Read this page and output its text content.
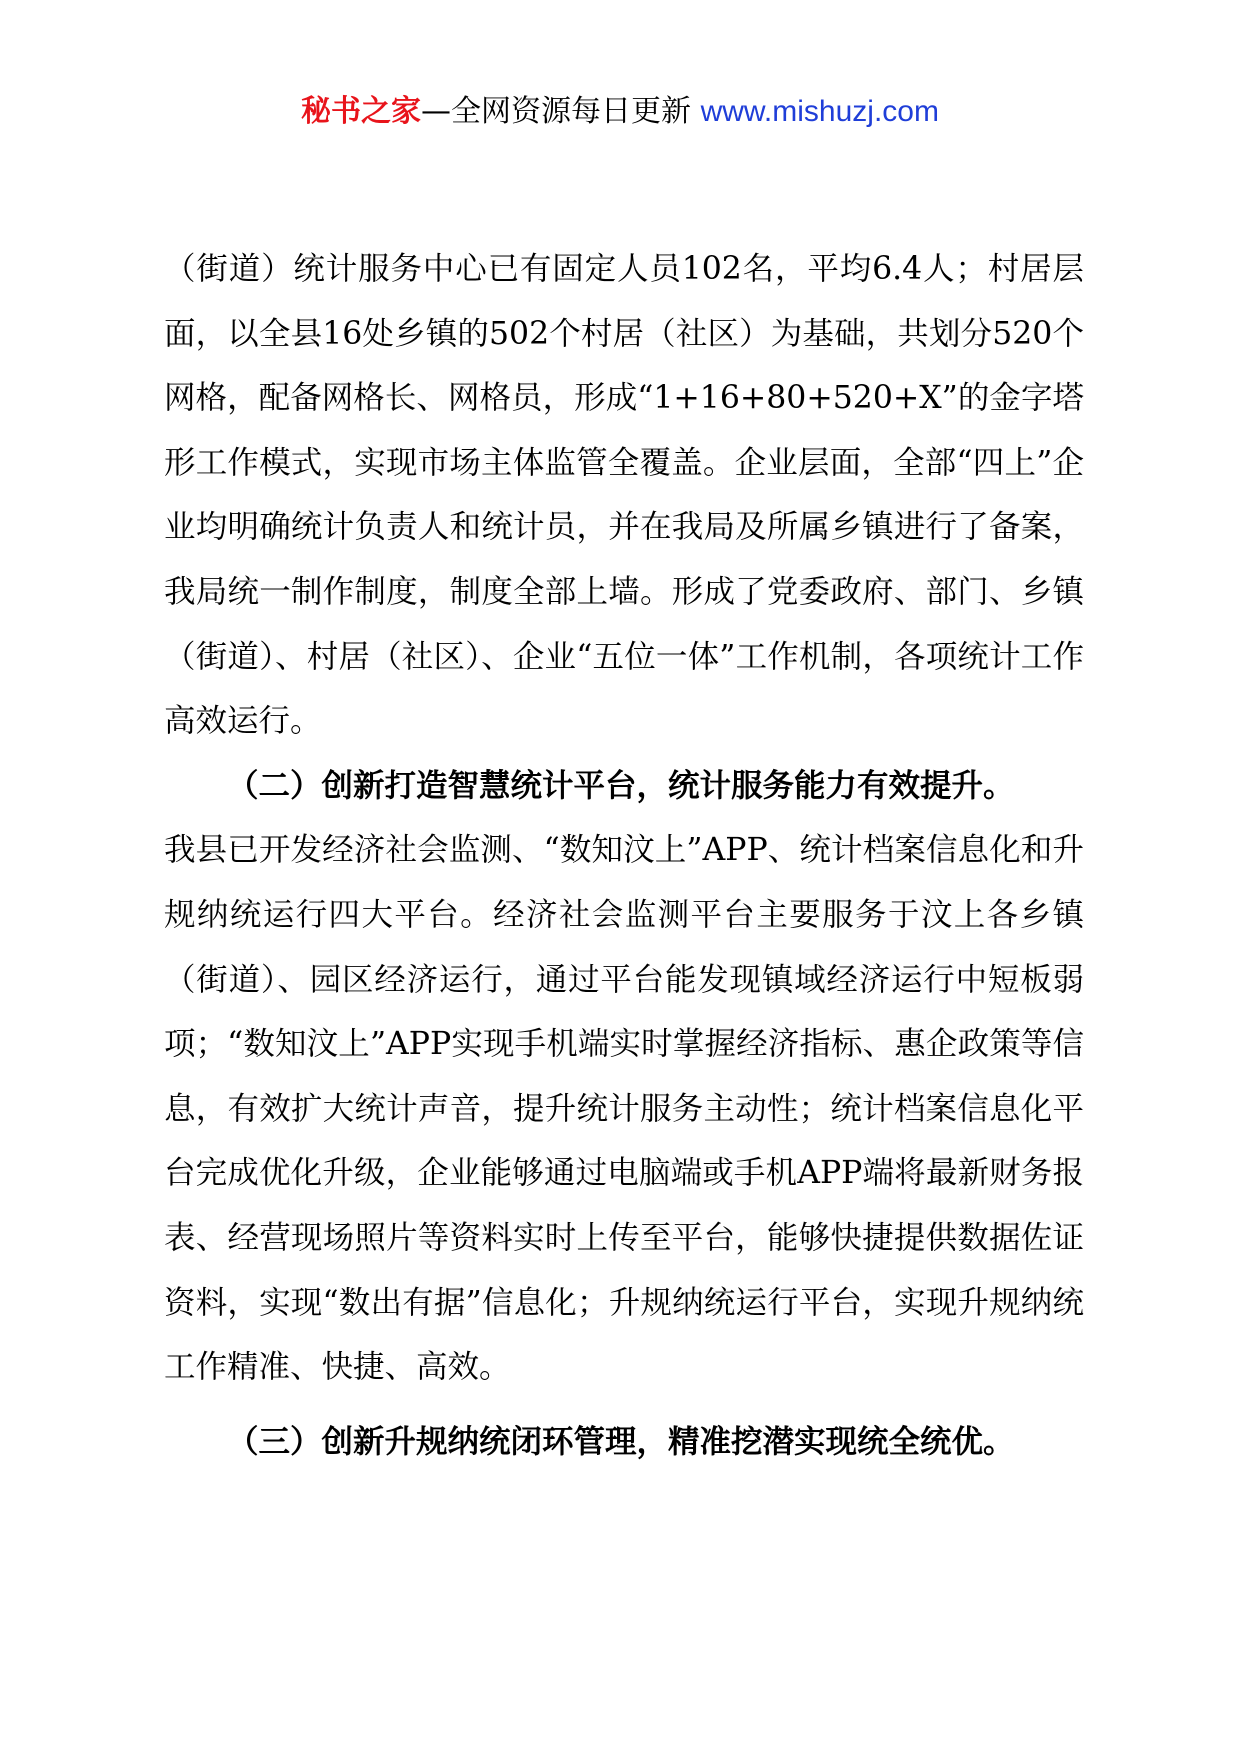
秘书之家—全网资源每日更新 www.mishuzj.com

（街道）统计服务中心已有固定人员102名，平均6.4人；村居层面，以全县16处乡镇的502个村居（社区）为基础，共划分520个网格，配备网格长、网格员，形成“1+16+80+520+X”的金字塔形工作模式，实现市场主体监管全覆盖。企业层面，全部“四上”企业均明确统计负责人和统计员，并在我局及所属乡镇进行了备案，我局统一制作制度，制度全部上墙。形成了党委政府、部门、乡镇（街道）、村居（社区）、企业“五位一体”工作机制，各项统计工作高效运行。

（二）创新打造智慧统计平台，统计服务能力有效提升。

我县已开发经济社会监测、“数知汶上”APP、统计档案信息化和升规纳统运行四大平台。经济社会监测平台主要服务于汶上各乡镇（街道）、园区经济运行，通过平台能发现镇域经济运行中短板弱项；“数知汶上”APP实现手机端实时掌握经济指标、惠企政策等信息，有效扩大统计声音，提升统计服务主动性；统计档案信息化平台完成优化升级，企业能够通过电脑端或手机APP端将最新财务报表、经营现场照片等资料实时上传至平台，能够快捷提供数据佐证资料，实现“数出有据”信息化；升规纳统运行平台，实现升规纳统工作精准、快捷、高效。

（三）创新升规纳统闭环管理，精准挖潜实现统全统优。
